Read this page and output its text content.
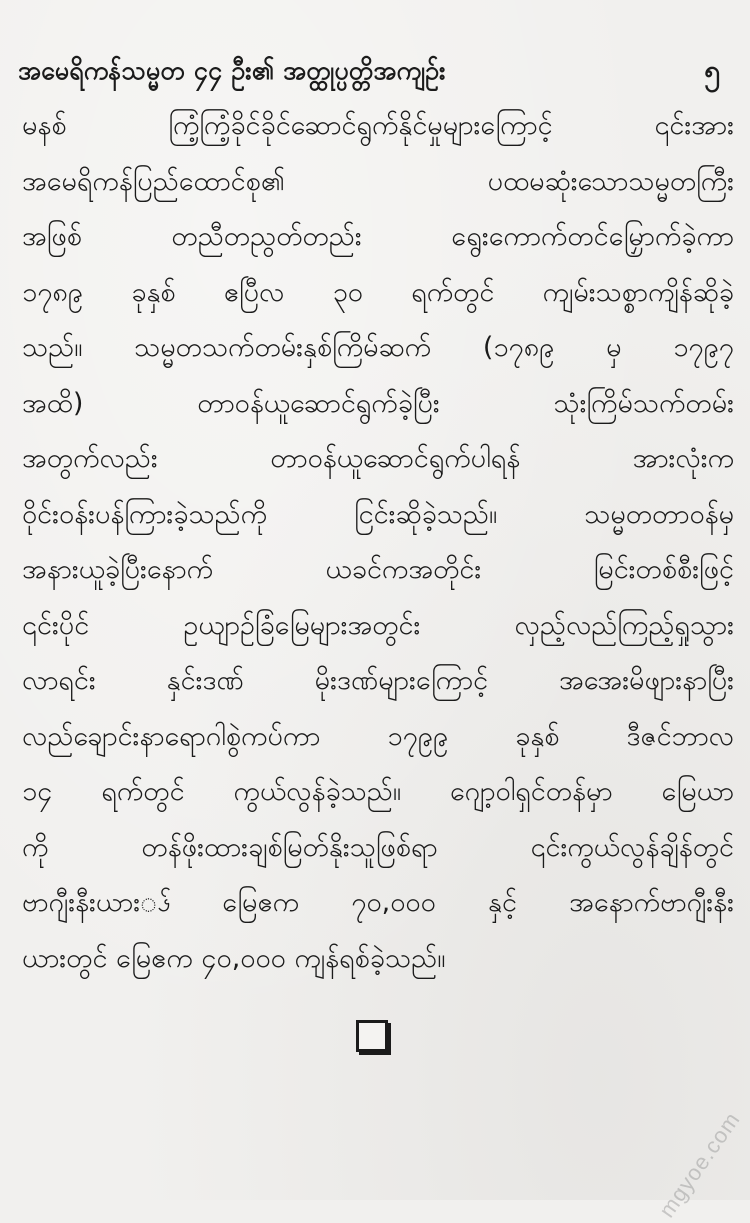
အမေရိကန်သမ္မတ ၄၄ ဦး၏ အတ္ထုပ္ပတ္တိအကျဉ်း	၅
မနစ် ကြံ့ကြံ့ခိုင်ခိုင်ဆောင်ရွက်နိုင်မှုများကြောင့် ၎င်းအား
အမေရိကန်ပြည်ထောင်စု၏ ပထမဆုံးသောသမ္မတကြီး
အဖြစ် တညီတညွတ်တည်း ရွေးကောက်တင်မြှောက်ခဲ့ကာ
၁၇၈၉ ခုနှစ် ဧပြီလ ၃၀ ရက်တွင် ကျမ်းသစ္စာကျိန်ဆိုခဲ့
သည်။ သမ္မတသက်တမ်းနှစ်ကြိမ်ဆက် (၁၇၈၉ မှ ၁၇၉၇
အထိ) တာဝန်ယူဆောင်ရွက်ခဲ့ပြီး သုံးကြိမ်သက်တမ်း
အတွက်လည်း တာဝန်ယူဆောင်ရွက်ပါရန် အားလုံးက
ဝိုင်းဝန်းပန်ကြားခဲ့သည်ကို ငြင်းဆိုခဲ့သည်။ သမ္မတတာဝန်မှ
အနားယူခဲ့ပြီးနောက် ယခင်ကအတိုင်း မြင်းတစ်စီးဖြင့်
၎င်းပိုင် ဥယျာဉ်ခြံမြေများအတွင်း လှည့်လည်ကြည့်ရှုသွား
လာရင်း နှင်းဒဏ် မိုးဒဏ်များကြောင့် အအေးမိဖျားနာပြီး
လည်ချောင်းနာရောဂါစွဲကပ်ကာ ၁၇၉၉ ခုနှစ် ဒီဇင်ဘာလ
၁၄ ရက်တွင် ကွယ်လွန်ခဲ့သည်။ ဂျော့ဝါရှင်တန်မှာ မြေယာ
ကို တန်ဖိုးထားချစ်မြတ်နိုးသူဖြစ်ရာ ၎င်းကွယ်လွန်ချိန်တွင်
ဗာဂျီးနီးယားၖ် မြေဧက ၇၀,၀၀၀ နှင့် အနောက်ဗာဂျီးနီး
ယားတွင် မြေဧက ၄၀,၀၀၀ ကျန်ရစ်ခဲ့သည်။
mgyoe.com
